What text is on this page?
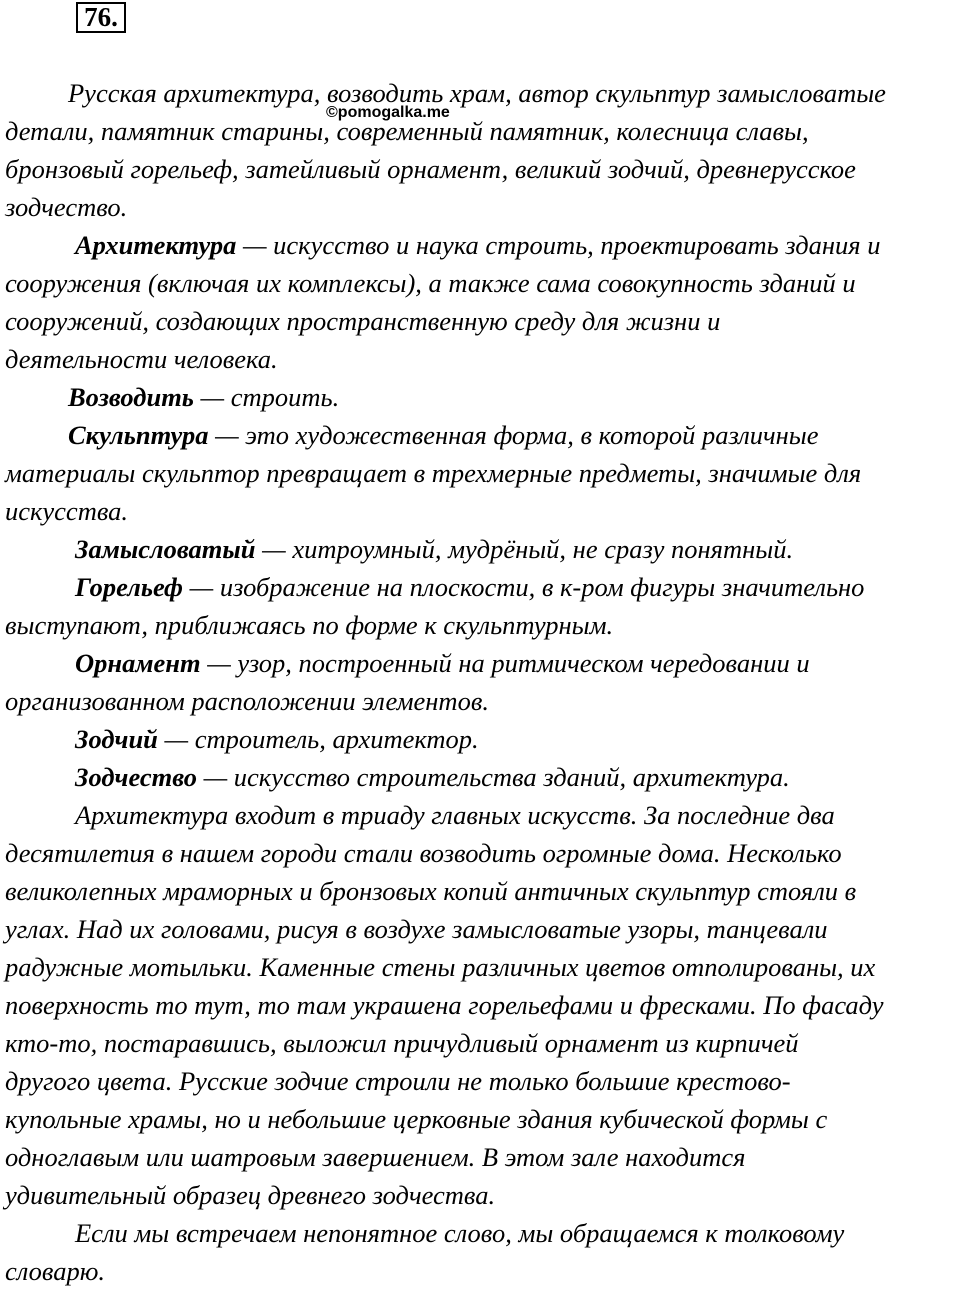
76.
©pomogalka.me

Русская архитектура, возводить храм, автор скульптур замысловатые

детали, памятник старины, современный памятник, колесница славы,

бронзовый горельеф, затейливый орнамент, великий зодчий, древнерусское

зодчество.

Архитектура — искусство и наука строить, проектировать здания и

сооружения (включая их комплексы), а также сама совокупность зданий и

сооружений, создающих пространственную среду для жизни и

деятельности человека.

Возводить — строить.

Скульптура — это художественная форма, в которой различные

материалы скульптор превращает в трехмерные предметы, значимые для

искусства.

Замысловатый — хитроумный, мудрёный, не сразу понятный.

Горельеф — изображение на плоскости, в к-ром фигуры значительно

выступают, приближаясь по форме к скульптурным.

Орнамент — узор, построенный на ритмическом чередовании и

организованном расположении элементов.

Зодчий — строитель, архитектор.

Зодчество — искусство строительства зданий, архитектура.

Архитектура входит в триаду главных искусств. За последние два

десятилетия в нашем городи стали возводить огромные дома. Несколько

великолепных мраморных и бронзовых копий античных скульптур стояли в

углах. Над их головами, рисуя в воздухе замысловатые узоры, танцевали

радужные мотыльки. Каменные стены различных цветов отполированы, их

поверхность то тут, то там украшена горельефами и фресками. По фасаду

кто-то, постаравшись, выложил причудливый орнамент из кирпичей

другого цвета. Русские зодчие строили не только большие крестово-

купольные храмы, но и небольшие церковные здания кубической формы с

одноглавым или шатровым завершением. В этом зале находится

удивительный образец древнего зодчества.

Если мы встречаем непонятное слово, мы обращаемся к толковому

словарю.
